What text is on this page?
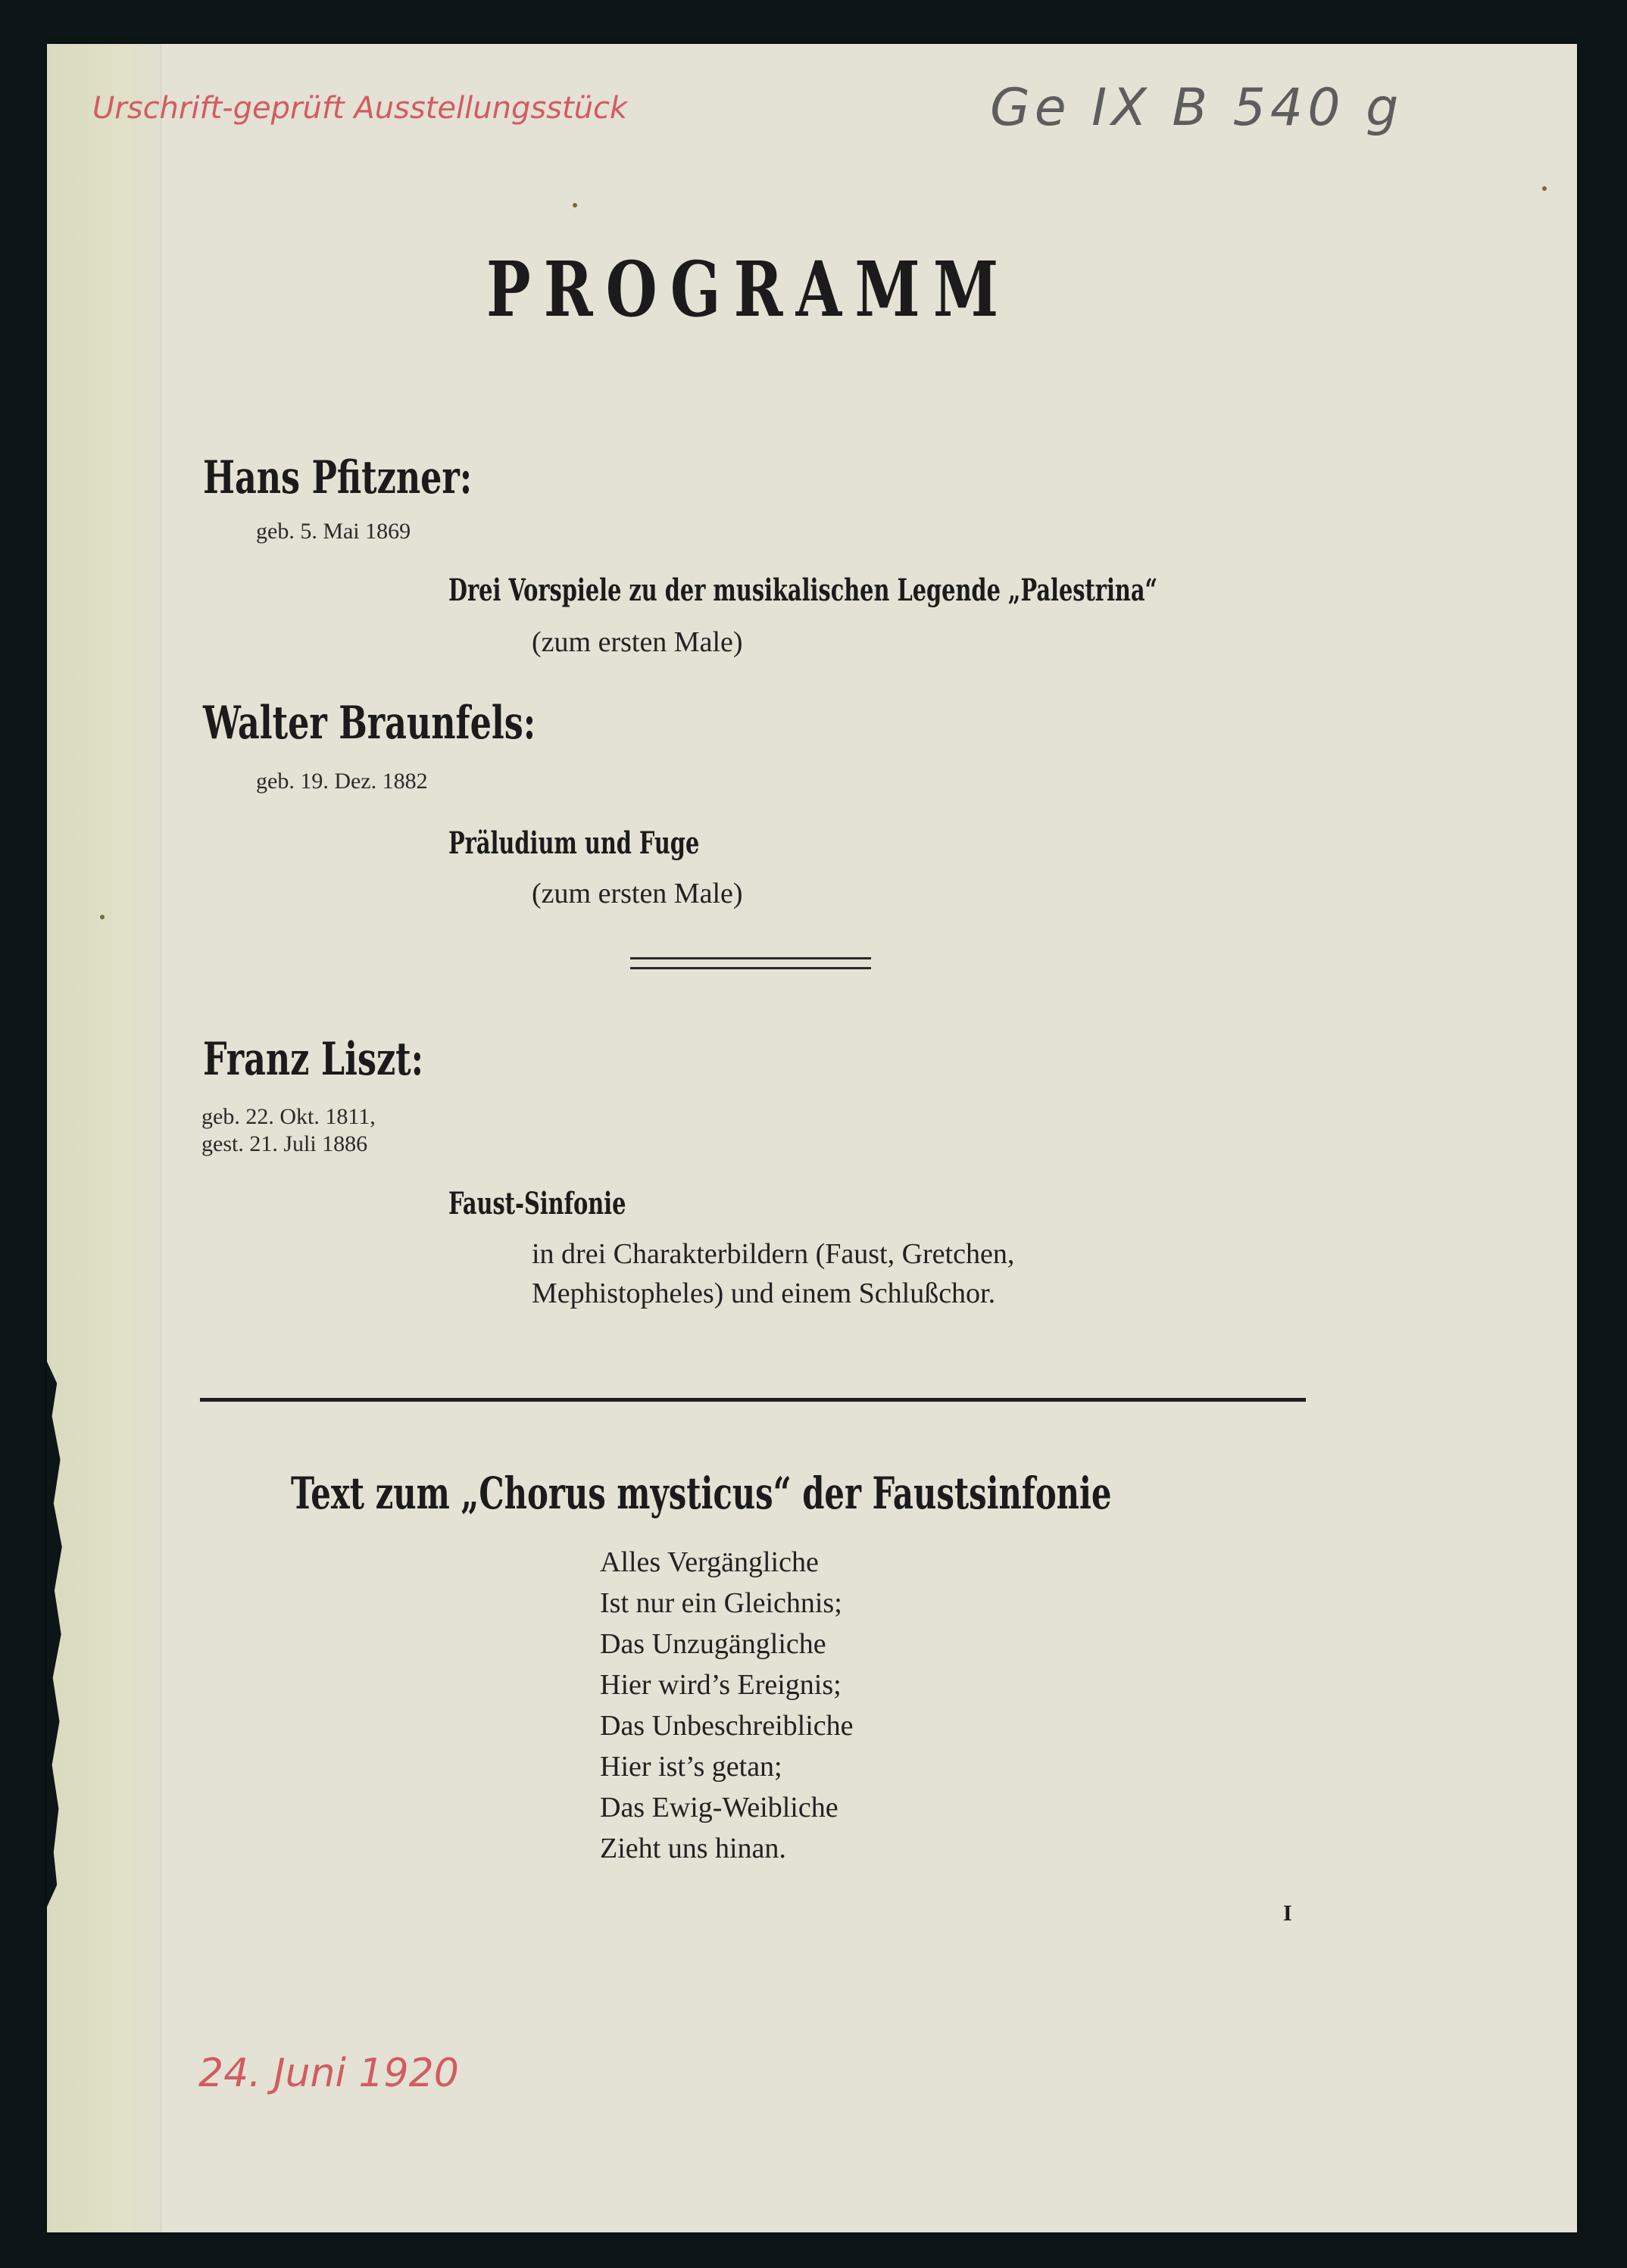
Urschrift-geprüft Ausstellungsstück	Ge IX B 540 g
PROGRAMM
Hans Pfitzner:
geb. 5. Mai 1869
Drei Vorspiele zu der musikalischen Legende „Palestrina“
(zum ersten Male)
Walter Braunfels:
geb. 19. Dez. 1882
Präludium und Fuge
(zum ersten Male)
Franz Liszt:
geb. 22. Okt. 1811,
gest. 21. Juli 1886
Faust-Sinfonie
in drei Charakterbildern (Faust, Gretchen,
Mephistopheles) und einem Schlußchor.
Text zum „Chorus mysticus“ der Faustsinfonie
Alles Vergängliche
Ist nur ein Gleichnis;
Das Unzugängliche
Hier wird’s Ereignis;
Das Unbeschreibliche
Hier ist’s getan;
Das Ewig-Weibliche
Zieht uns hinan.
I
24. Juni 1920
